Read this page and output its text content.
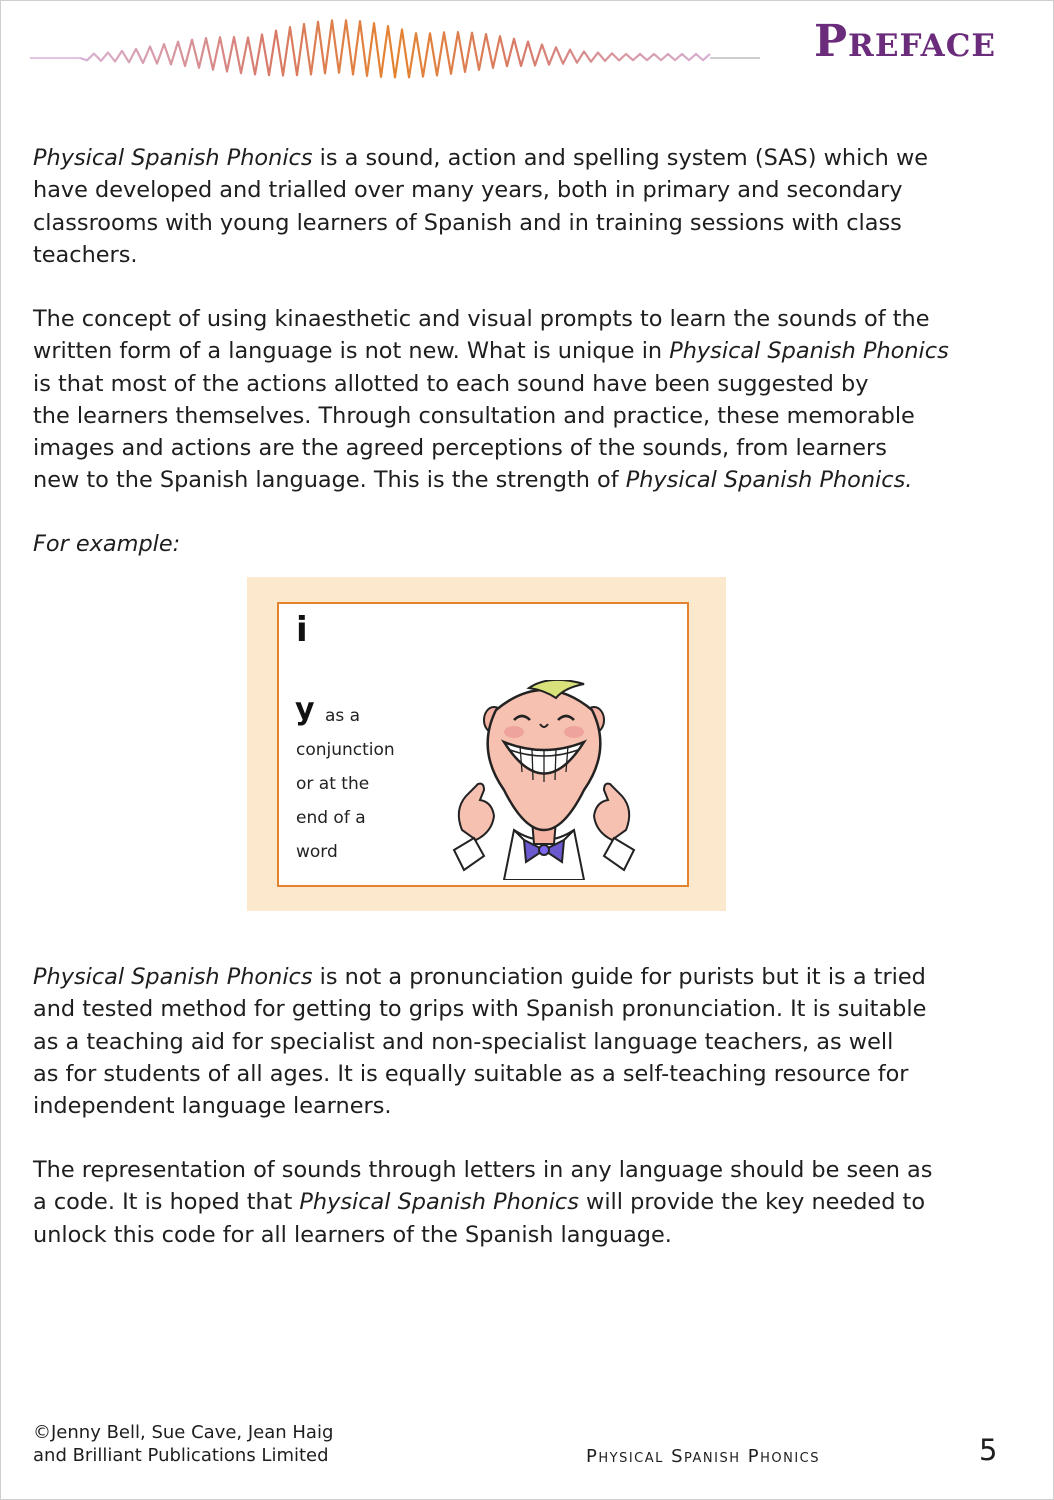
Preface
Physical Spanish Phonics is a sound, action and spelling system (SAS) which we
have developed and trialled over many years, both in primary and secondary
classrooms with young learners of Spanish and in training sessions with class
teachers.
The concept of using kinaesthetic and visual prompts to learn the sounds of the
written form of a language is not new. What is unique in Physical Spanish Phonics
is that most of the actions allotted to each sound have been suggested by
the learners themselves. Through consultation and practice, these memorable
images and actions are the agreed perceptions of the sounds, from learners
new to the Spanish language. This is the strength of Physical Spanish Phonics.
For example:
i
y as a
conjunction
or at the
end of a
word
Physical Spanish Phonics is not a pronunciation guide for purists but it is a tried
and tested method for getting to grips with Spanish pronunciation. It is suitable
as a teaching aid for specialist and non-specialist language teachers, as well
as for students of all ages. It is equally suitable as a self-teaching resource for
independent language learners.
The representation of sounds through letters in any language should be seen as
a code. It is hoped that Physical Spanish Phonics will provide the key needed to
unlock this code for all learners of the Spanish language.
©Jenny Bell, Sue Cave, Jean Haig
and Brilliant Publications Limited	Physical Spanish Phonics	5
